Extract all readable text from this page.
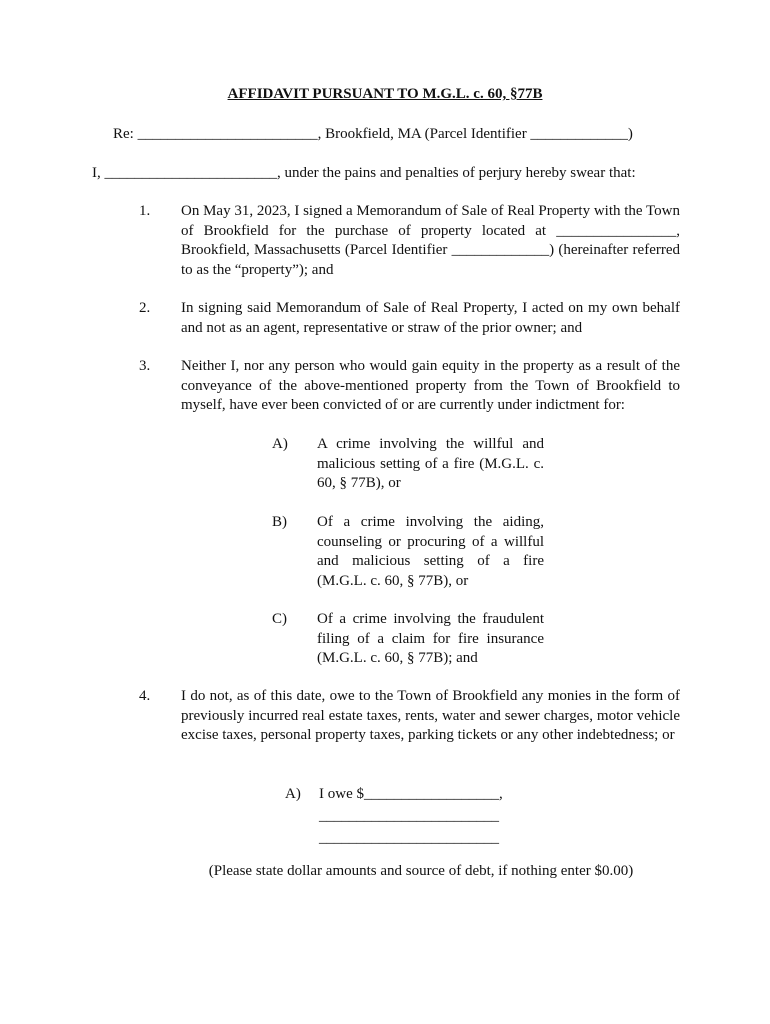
AFFIDAVIT PURSUANT TO M.G.L. c. 60, §77B
Re: ________________________, Brookfield, MA (Parcel Identifier _____________)
I, _______________________, under the pains and penalties of perjury hereby swear that:
1. On May 31, 2023, I signed a Memorandum of Sale of Real Property with the Town of Brookfield for the purchase of property located at ________________, Brookfield, Massachusetts (Parcel Identifier _____________) (hereinafter referred to as the “property”); and
2. In signing said Memorandum of Sale of Real Property, I acted on my own behalf and not as an agent, representative or straw of the prior owner; and
3. Neither I, nor any person who would gain equity in the property as a result of the conveyance of the above-mentioned property from the Town of Brookfield to myself, have ever been convicted of or are currently under indictment for:
A) A crime involving the willful and malicious setting of a fire (M.G.L. c. 60, § 77B), or
B) Of a crime involving the aiding, counseling or procuring of a willful and malicious setting of a fire (M.G.L. c. 60, § 77B), or
C) Of a crime involving the fraudulent filing of a claim for fire insurance (M.G.L. c. 60, § 77B); and
4. I do not, as of this date, owe to the Town of Brookfield any monies in the form of previously incurred real estate taxes, rents, water and sewer charges, motor vehicle excise taxes, personal property taxes, parking tickets or any other indebtedness; or
A) I owe $__________________,
________________________
________________________
(Please state dollar amounts and source of debt, if nothing enter $0.00)
